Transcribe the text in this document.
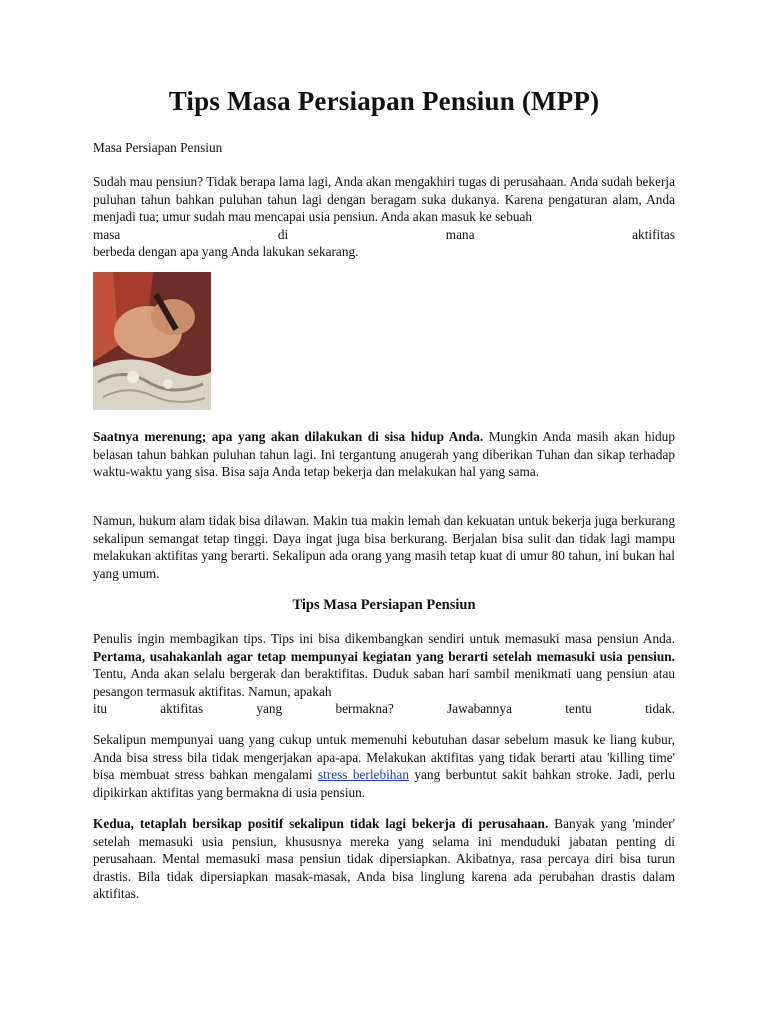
Tips Masa Persiapan Pensiun (MPP)

Masa Persiapan Pensiun

Sudah mau pensiun? Tidak berapa lama lagi, Anda akan mengakhiri tugas di perusahaan. Anda sudah bekerja puluhan tahun bahkan puluhan tahun lagi dengan beragam suka dukanya. Karena pengaturan alam, Anda menjadi tua; umur sudah mau mencapai usia pensiun. Anda akan masuk ke sebuah
masa	di	mana	aktifitas
berbeda dengan apa yang Anda lakukan sekarang.

Saatnya merenung; apa yang akan dilakukan di sisa hidup Anda. Mungkin Anda masih akan hidup belasan tahun bahkan puluhan tahun lagi. Ini tergantung anugerah yang diberikan Tuhan dan sikap terhadap waktu-waktu yang sisa. Bisa saja Anda tetap bekerja dan melakukan hal yang sama.

Namun, hukum alam tidak bisa dilawan. Makin tua makin lemah dan kekuatan untuk bekerja juga berkurang sekalipun semangat tetap tinggi. Daya ingat juga bisa berkurang. Berjalan bisa sulit dan tidak lagi mampu melakukan aktifitas yang berarti. Sekalipun ada orang yang masih tetap kuat di umur 80 tahun, ini bukan hal yang umum.

Tips Masa Persiapan Pensiun
Penulis ingin membagikan tips. Tips ini bisa dikembangkan sendiri untuk memasuki masa pensiun Anda. Pertama, usahakanlah agar tetap mempunyai kegiatan yang berarti setelah memasuki usia pensiun. Tentu, Anda akan selalu bergerak dan beraktifitas. Duduk saban hari sambil menikmati uang pensiun atau pesangon termasuk aktifitas. Namun, apakah
itu	aktifitas	yang	bermakna?	Jawabannya	tentu	tidak.

Sekalipun mempunyai uang yang cukup untuk memenuhi kebutuhan dasar sebelum masuk ke liang kubur, Anda bisa stress bila tidak mengerjakan apa-apa. Melakukan aktifitas yang tidak berarti atau 'killing time' bisa membuat stress bahkan mengalami stress berlebihan yang berbuntut sakit bahkan stroke. Jadi, perlu dipikirkan aktifitas yang bermakna di usia pensiun.

Kedua, tetaplah bersikap positif sekalipun tidak lagi bekerja di perusahaan. Banyak yang 'minder' setelah memasuki usia pensiun, khususnya mereka yang selama ini menduduki jabatan penting di perusahaan. Mental memasuki masa pensiun tidak dipersiapkan. Akibatnya, rasa percaya diri bisa turun drastis. Bila tidak dipersiapkan masak-masak, Anda bisa linglung karena ada perubahan drastis dalam aktifitas.
